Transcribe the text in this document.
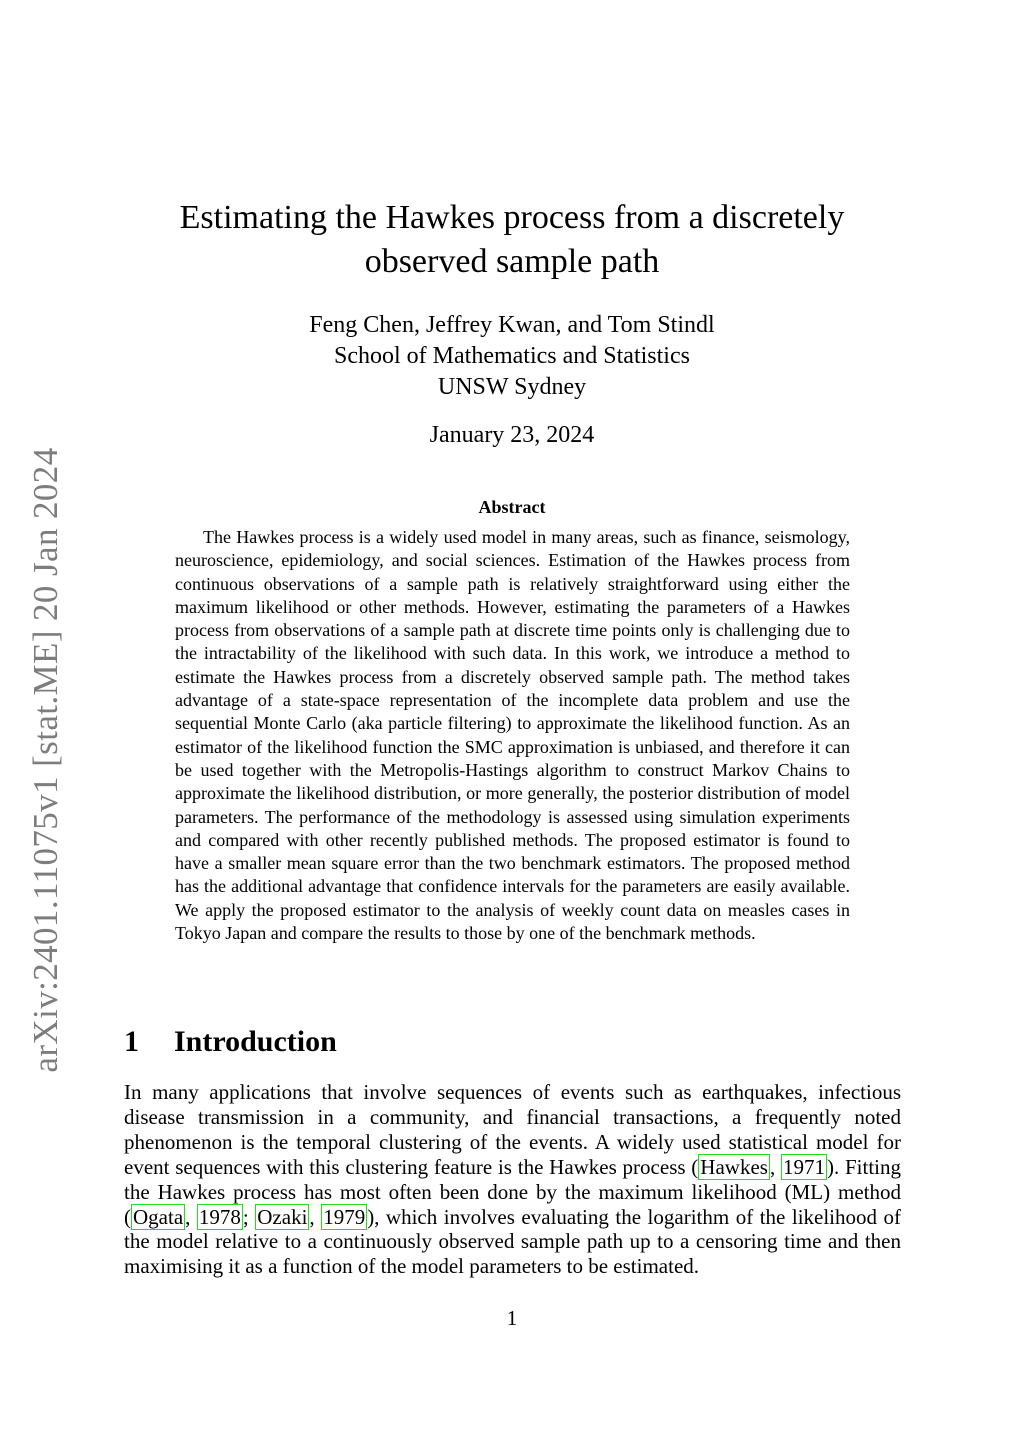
arXiv:2401.11075v1 [stat.ME] 20 Jan 2024
Estimating the Hawkes process from a discretely observed sample path
Feng Chen, Jeffrey Kwan, and Tom Stindl
School of Mathematics and Statistics
UNSW Sydney
January 23, 2024
Abstract

The Hawkes process is a widely used model in many areas, such as finance, seismology, neuroscience, epidemiology, and social sciences. Estimation of the Hawkes process from continuous observations of a sample path is relatively straightforward using either the maximum likelihood or other methods. However, estimating the parameters of a Hawkes process from observations of a sample path at discrete time points only is challenging due to the intractability of the likelihood with such data. In this work, we introduce a method to estimate the Hawkes process from a discretely observed sample path. The method takes advantage of a state-space representation of the incomplete data problem and use the sequential Monte Carlo (aka particle filtering) to approximate the likelihood function. As an estimator of the likelihood function the SMC approximation is unbiased, and therefore it can be used together with the Metropolis-Hastings algorithm to construct Markov Chains to approximate the likelihood distribution, or more generally, the posterior distribution of model parameters. The performance of the methodology is assessed using simulation experiments and compared with other recently published methods. The proposed estimator is found to have a smaller mean square error than the two benchmark estimators. The proposed method has the additional advantage that confidence intervals for the parameters are easily available. We apply the proposed estimator to the analysis of weekly count data on measles cases in Tokyo Japan and compare the results to those by one of the benchmark methods.

1 Introduction

In many applications that involve sequences of events such as earthquakes, infectious disease transmission in a community, and financial transactions, a frequently noted phenomenon is the temporal clustering of the events. A widely used statistical model for event sequences with this clustering feature is the Hawkes process (Hawkes, 1971). Fitting the Hawkes process has most often been done by the maximum likelihood (ML) method (Ogata, 1978; Ozaki, 1979), which involves evaluating the logarithm of the likelihood of the model relative to a continuously observed sample path up to a censoring time and then maximising it as a function of the model parameters to be estimated.

1
